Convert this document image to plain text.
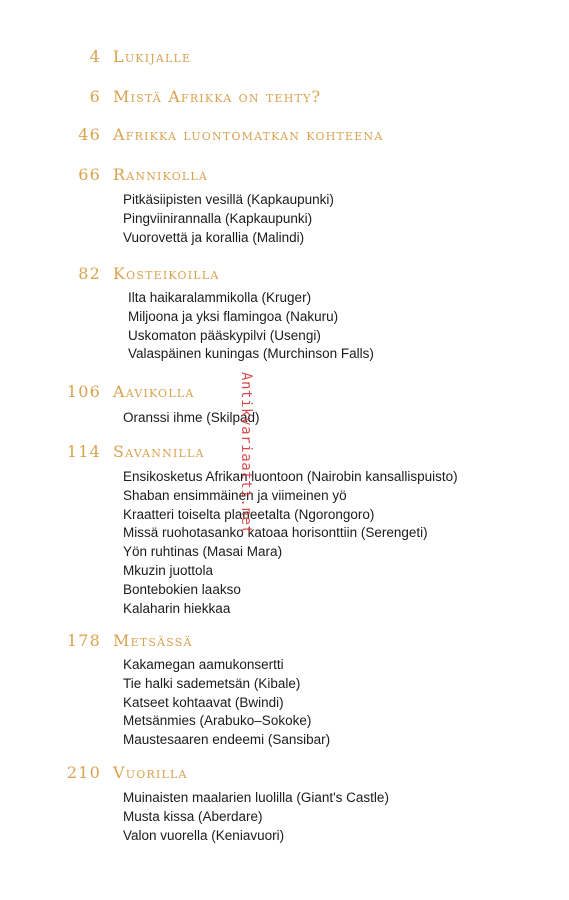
4 Lukijalle
6 Mistä Afrikka on tehty?
46 Afrikka luontomatkan kohteena
66 Rannikolla
Pitkäsiipisten vesillä (Kapkaupunki)
Pingviinirannalla (Kapkaupunki)
Vuorovettä ja korallia (Malindi)
82 Kosteikoilla
Ilta haikaralammikolla (Kruger)
Miljoona ja yksi flamingoa (Nakuru)
Uskomaton pääskypilvi (Usengi)
Valaspäinen kuningas (Murchinson Falls)
106 Aavikolla
Oranssi ihme (Skilpad)
114 Savannilla
Ensikosketus Afrikan luontoon (Nairobin kansallispuisto)
Shaban ensimmäinen ja viimeinen yö
Kraatteri toiselta planeetalta (Ngorongoro)
Missä ruohotasanko katoaa horisonttiin (Serengeti)
Yön ruhtinas (Masai Mara)
Mkuzin juottola
Bontebokien laakso
Kalaharin hiekkaa
178 Metsässä
Kakamegan aamukonsertti
Tie halki sademetsän (Kibale)
Katseet kohtaavat (Bwindi)
Metsänmies (Arabuko–Sokoke)
Maustesaaren endeemi (Sansibar)
210 Vuorilla
Muinaisten maalarien luolilla (Giant's Castle)
Musta kissa (Aberdare)
Valon vuorella (Keniavuori)
Antikvariaatti.net
